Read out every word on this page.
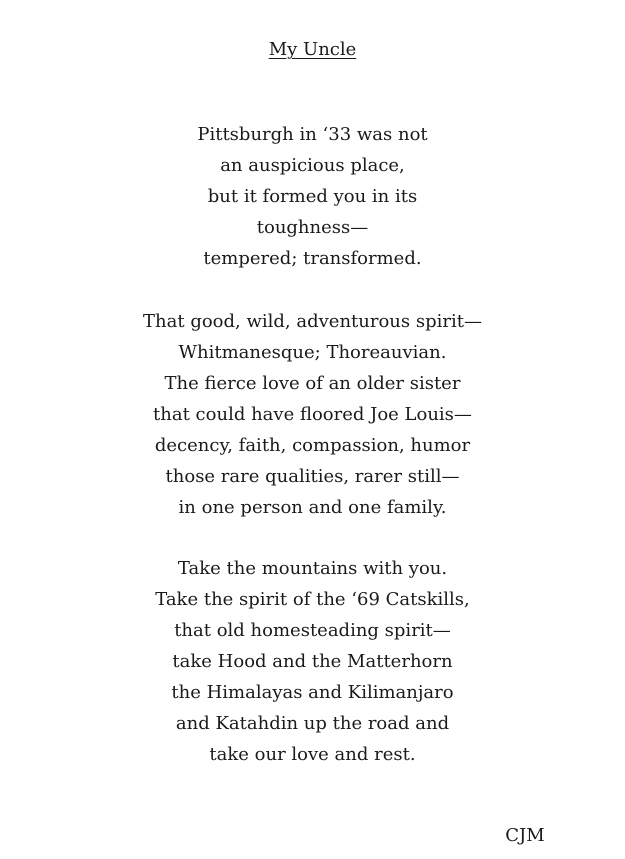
My Uncle
Pittsburgh in ‘33 was not
an auspicious place,
but it formed you in its
toughness—
tempered; transformed.
That good, wild, adventurous spirit—
Whitmanesque; Thoreauvian.
The fierce love of an older sister
that could have floored Joe Louis—
decency, faith, compassion, humor
those rare qualities, rarer still—
in one person and one family.
Take the mountains with you.
Take the spirit of the ‘69 Catskills,
that old homesteading spirit—
take Hood and the Matterhorn
the Himalayas and Kilimanjaro
and Katahdin up the road and
take our love and rest.
CJM
